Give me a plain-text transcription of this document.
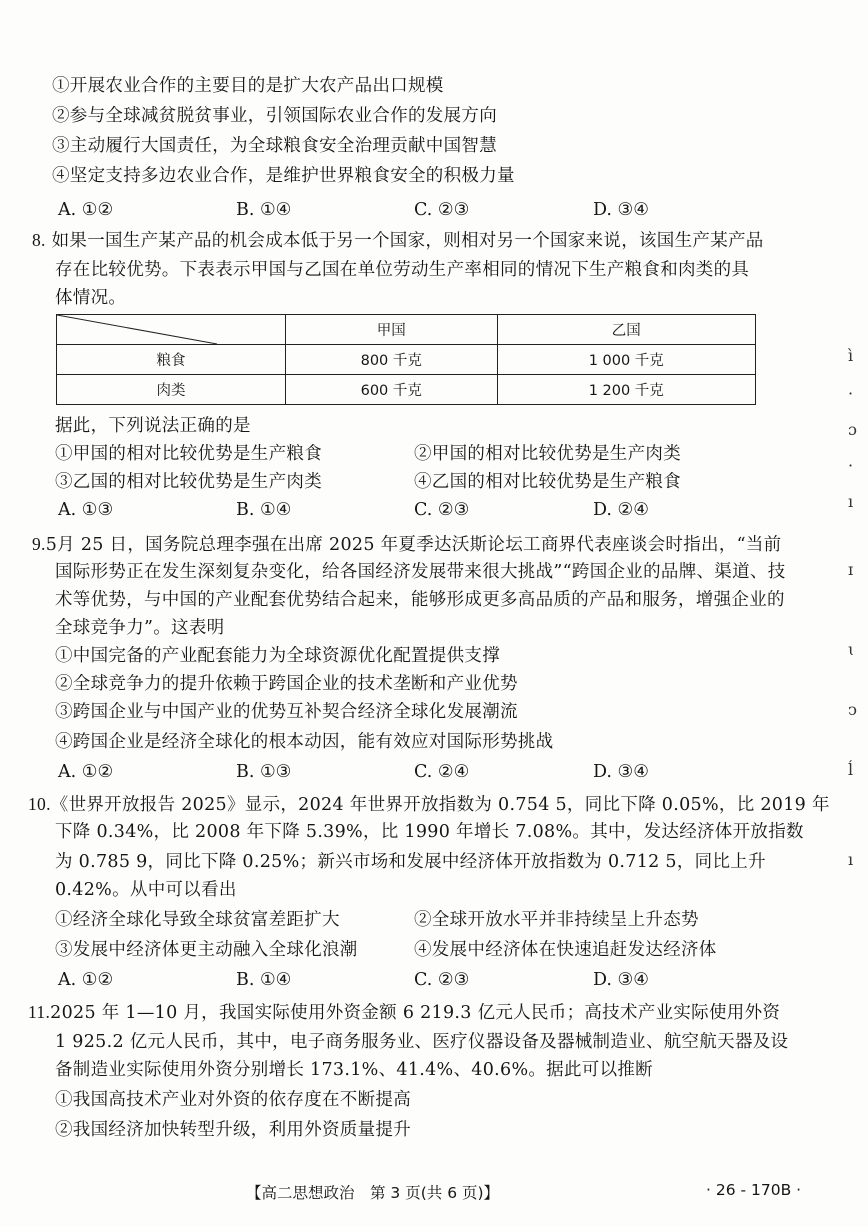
①开展农业合作的主要目的是扩大农产品出口规模
②参与全球减贫脱贫事业，引领国际农业合作的发展方向
③主动履行大国责任，为全球粮食安全治理贡献中国智慧
④坚定支持多边农业合作，是维护世界粮食安全的积极力量
A. ①②	B. ①④	C. ②③	D. ③④
8. 如果一国生产某产品的机会成本低于另一个国家，则相对另一个国家来说，该国生产某产品
存在比较优势。下表表示甲国与乙国在单位劳动生产率相同的情况下生产粮食和肉类的具
体情况。
	甲国	乙国
粮食	800 千克	1 000 千克
肉类	600 千克	1 200 千克
据此，下列说法正确的是
①甲国的相对比较优势是生产粮食	②甲国的相对比较优势是生产肉类
③乙国的相对比较优势是生产肉类	④乙国的相对比较优势是生产粮食
A. ①③	B. ①④	C. ②③	D. ②④
9.5月 25 日，国务院总理李强在出席 2025 年夏季达沃斯论坛工商界代表座谈会时指出，“当前
国际形势正在发生深刻复杂变化，给各国经济发展带来很大挑战”“跨国企业的品牌、渠道、技
术等优势，与中国的产业配套优势结合起来，能够形成更多高品质的产品和服务，增强企业的
全球竞争力”。这表明
①中国完备的产业配套能力为全球资源优化配置提供支撑
②全球竞争力的提升依赖于跨国企业的技术垄断和产业优势
③跨国企业与中国产业的优势互补契合经济全球化发展潮流
④跨国企业是经济全球化的根本动因，能有效应对国际形势挑战
A. ①②	B. ①③	C. ②④	D. ③④
10.《世界开放报告 2025》显示，2024 年世界开放指数为 0.754 5，同比下降 0.05%，比 2019 年
下降 0.34%，比 2008 年下降 5.39%，比 1990 年增长 7.08%。其中，发达经济体开放指数
为 0.785 9，同比下降 0.25%；新兴市场和发展中经济体开放指数为 0.712 5，同比上升
0.42%。从中可以看出
①经济全球化导致全球贫富差距扩大	②全球开放水平并非持续呈上升态势
③发展中经济体更主动融入全球化浪潮	④发展中经济体在快速追赶发达经济体
A. ①②	B. ①④	C. ②③	D. ③④
11.2025 年 1—10 月，我国实际使用外资金额 6 219.3 亿元人民币；高技术产业实际使用外资
1 925.2 亿元人民币，其中，电子商务服务业、医疗仪器设备及器械制造业、航空航天器及设
备制造业实际使用外资分别增长 173.1%、41.4%、40.6%。据此可以推断
①我国高技术产业对外资的依存度在不断提高
②我国经济加快转型升级，利用外资质量提升
【高二思想政治　第 3 页(共 6 页)】	· 26 - 170B ·
ì
·
ɔ
·
ı
ɪ
ɩ
ͻ
ĺ
ı
